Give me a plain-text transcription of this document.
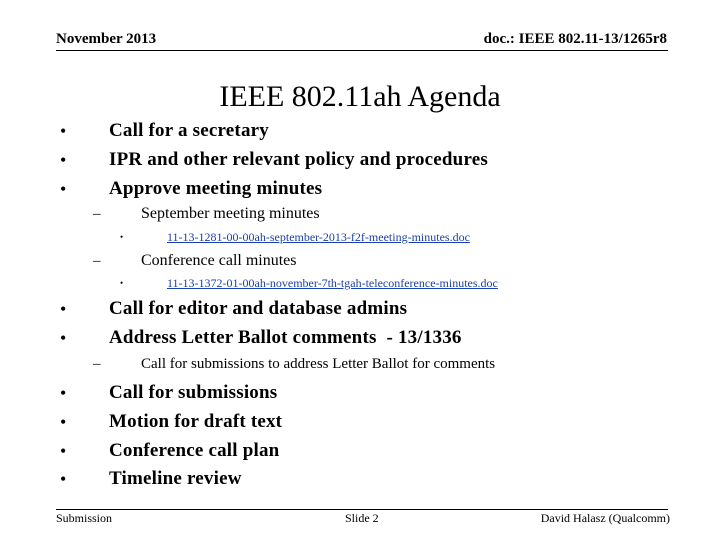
November 2013	doc.: IEEE 802.11-13/1265r8
IEEE 802.11ah Agenda
• Call for a secretary
• IPR and other relevant policy and procedures
• Approve meeting minutes
–	September meeting minutes
•	11-13-1281-00-00ah-september-2013-f2f-meeting-minutes.doc
–	Conference call minutes
•	11-13-1372-01-00ah-november-7th-tgah-teleconference-minutes.doc
• Call for editor and database admins
• Address Letter Ballot comments  - 13/1336
–	Call for submissions to address Letter Ballot for comments
• Call for submissions
• Motion for draft text
• Conference call plan
• Timeline review
Submission	Slide 2	David Halasz (Qualcomm)
